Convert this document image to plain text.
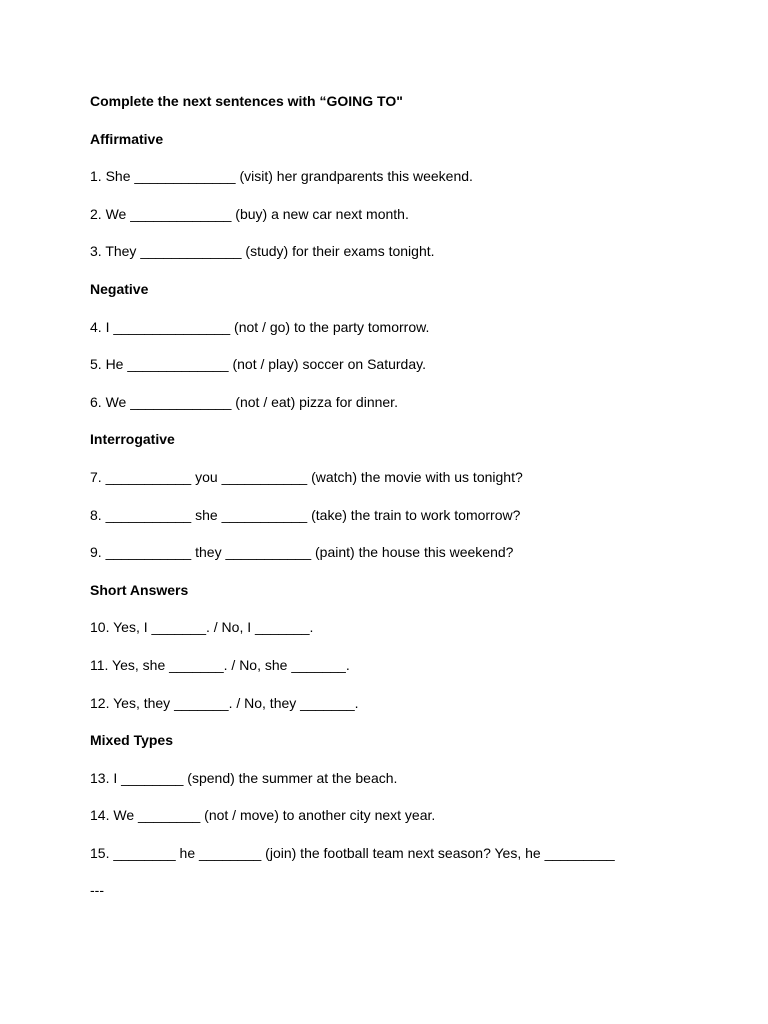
Complete the next sentences with “GOING TO"
Affirmative
1. She _____________ (visit) her grandparents this weekend.
2. We _____________ (buy) a new car next month.
3. They _____________ (study) for their exams tonight.
Negative
4. I _______________ (not / go) to the party tomorrow.
5. He _____________ (not / play) soccer on Saturday.
6. We _____________ (not / eat) pizza for dinner.
Interrogative
7. ___________ you ___________ (watch) the movie with us tonight?
8. ___________ she ___________ (take) the train to work tomorrow?
9. ___________ they ___________ (paint) the house this weekend?
Short Answers
10. Yes, I _______. / No, I _______.
11. Yes, she _______. / No, she _______.
12. Yes, they _______. / No, they _______.
Mixed Types
13. I ________ (spend) the summer at the beach.
14. We ________ (not / move) to another city next year.
15. ________ he ________ (join) the football team next season? Yes, he _________
---
